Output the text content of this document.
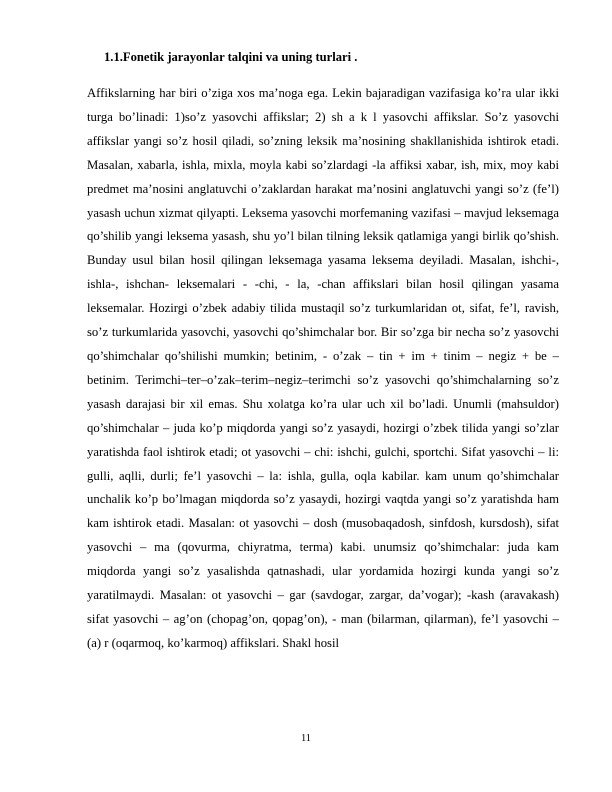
1.1.Fonetik jarayonlar talqini va uning turlari .

Affikslarning har biri o’ziga xos ma’noga ega. Lekin bajaradigan vazifasiga ko’ra ular ikki turga bo’linadi: 1)so’z yasovchi affikslar; 2) sh a k l yasovchi affikslar. So’z yasovchi affikslar yangi so’z hosil qiladi, so’zning leksik ma’nosining shakllanishida ishtirok etadi. Masalan, xabarla, ishla, mixla, moyla kabi so’zlardagi -la affiksi xabar, ish, mix, moy kabi predmet ma’nosini anglatuvchi o’zaklardan harakat ma’nosini anglatuvchi yangi so’z (fe’l) yasash uchun xizmat qilyapti. Leksema yasovchi morfemaning vazifasi – mavjud leksemaga qo’shilib yangi leksema yasash, shu yo’l bilan tilning leksik qatlamiga yangi birlik qo’shish. Bunday usul bilan hosil qilingan leksemaga yasama leksema deyiladi. Masalan, ishchi-, ishla-, ishchan- leksemalari - -chi, - la, -chan affikslari bilan hosil qilingan yasama leksemalar. Hozirgi o’zbek adabiy tilida mustaqil so’z turkumlaridan ot, sifat, fe’l, ravish, so’z turkumlarida yasovchi, yasovchi qo’shimchalar bor. Bir so’zga bir necha so’z yasovchi qo’shimchalar qo’shilishi mumkin; betinim, - o’zak – tin + im + tinim – negiz + be – betinim. Terimchi–ter–o’zak–terim–negiz–terimchi so’z yasovchi qo’shimchalarning so’z yasash darajasi bir xil emas. Shu xolatga ko’ra ular uch xil bo’ladi. Unumli (mahsuldor) qo’shimchalar – juda ko’p miqdorda yangi so’z yasaydi, hozirgi o’zbek tilida yangi so’zlar yaratishda faol ishtirok etadi; ot yasovchi – chi: ishchi, gulchi, sportchi. Sifat yasovchi – li: gulli, aqlli, durli; fe’l yasovchi – la: ishla, gulla, oqla kabilar. kam unum qo’shimchalar unchalik ko’p bo’lmagan miqdorda so’z yasaydi, hozirgi vaqtda yangi so’z yaratishda ham kam ishtirok etadi. Masalan: ot yasovchi – dosh (musobaqadosh, sinfdosh, kursdosh), sifat yasovchi – ma (qovurma, chiyratma, terma) kabi. unumsiz qo’shimchalar: juda kam miqdorda yangi so’z yasalishda qatnashadi, ular yordamida hozirgi kunda yangi so’z yaratilmaydi. Masalan: ot yasovchi – gar (savdogar, zargar, da’vogar); -kash (aravakash) sifat yasovchi – ag’on (chopag’on, qopag’on), - man (bilarman, qilarman), fe’l yasovchi – (a) r (oqarmoq, ko’karmoq) affikslari. Shakl hosil

11
